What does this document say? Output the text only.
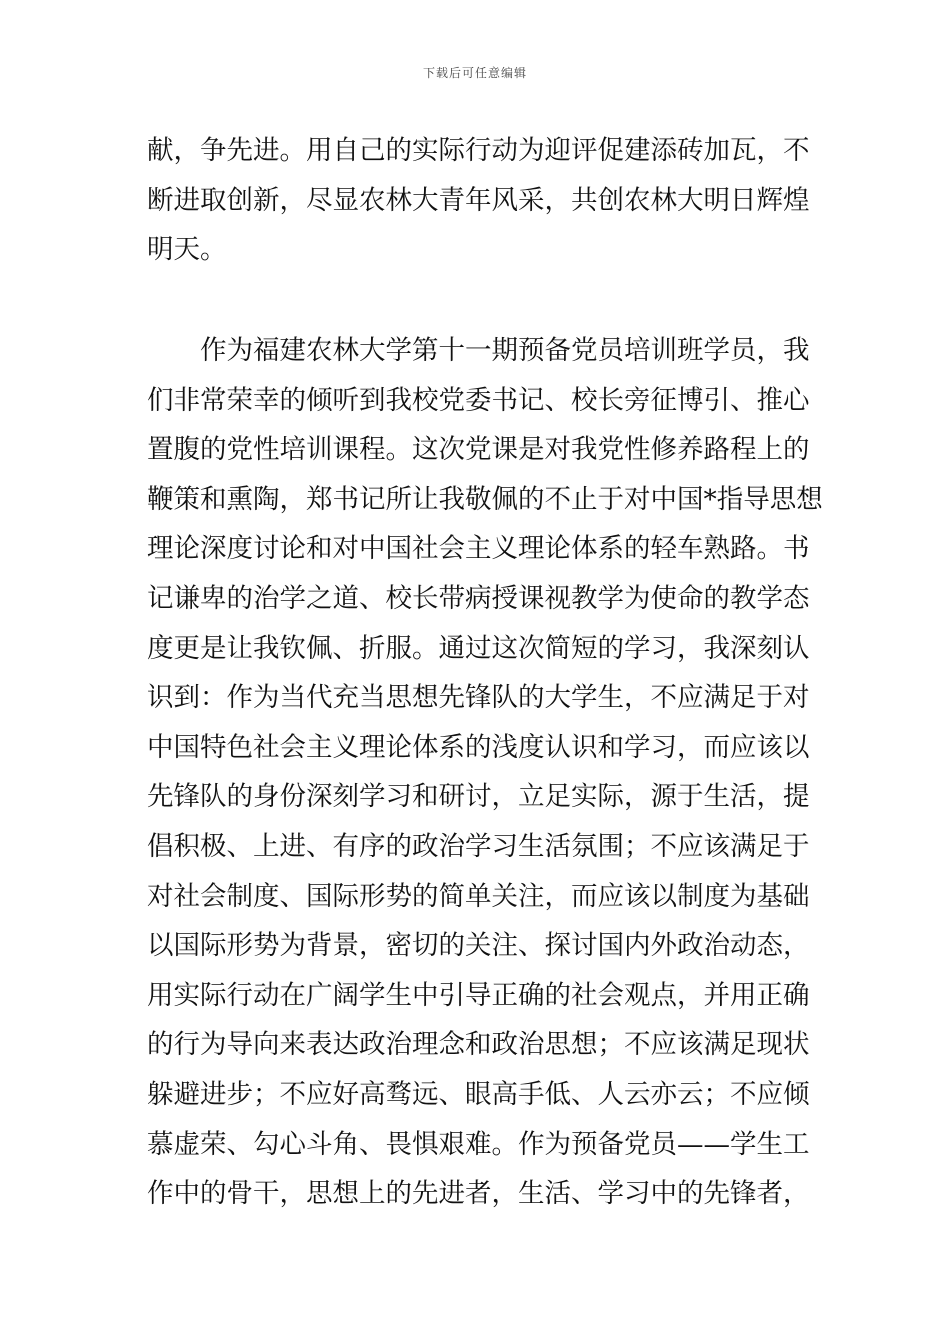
下载后可任意编辑
献，争先进。用自己的实际行动为迎评促建添砖加瓦，不
断进取创新，尽显农林大青年风采，共创农林大明日辉煌
明天。
作为福建农林大学第十一期预备党员培训班学员，我
们非常荣幸的倾听到我校党委书记、校长旁征博引、推心
置腹的党性培训课程。这次党课是对我党性修养路程上的
鞭策和熏陶，郑书记所让我敬佩的不止于对中国*指导思想
理论深度讨论和对中国社会主义理论体系的轻车熟路。书
记谦卑的治学之道、校长带病授课视教学为使命的教学态
度更是让我钦佩、折服。通过这次简短的学习，我深刻认
识到：作为当代充当思想先锋队的大学生，不应满足于对
中国特色社会主义理论体系的浅度认识和学习，而应该以
先锋队的身份深刻学习和研讨，立足实际，源于生活，提
倡积极、上进、有序的政治学习生活氛围；不应该满足于
对社会制度、国际形势的简单关注，而应该以制度为基础
以国际形势为背景，密切的关注、探讨国内外政治动态，
用实际行动在广阔学生中引导正确的社会观点，并用正确
的行为导向来表达政治理念和政治思想；不应该满足现状
躲避进步；不应好高骛远、眼高手低、人云亦云；不应倾
慕虚荣、勾心斗角、畏惧艰难。作为预备党员——学生工
作中的骨干，思想上的先进者，生活、学习中的先锋者，
